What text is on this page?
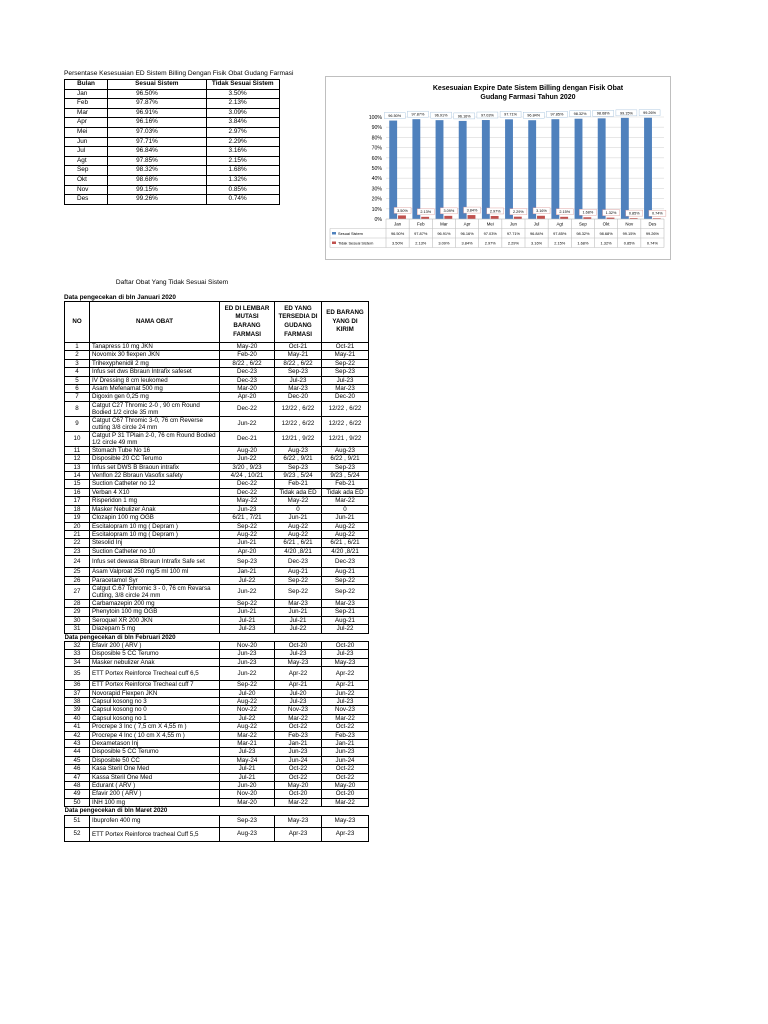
Persentase Kesesuaian ED Sistem Billing Dengan Fisik Obat Gudang Farmasi
Bulan	Sesuai Sistem	Tidak Sesuai Sistem
Jan	96.50%	3.50%
Feb	97.87%	2.13%
Mar	96.91%	3.09%
Apr	96.16%	3.84%
Mei	97.03%	2.97%
Jun	97.71%	2.29%
Jul	96.84%	3.16%
Agt	97.85%	2.15%
Sep	98.32%	1.68%
Okt	98.68%	1.32%
Nov	99.15%	0.85%
Des	99.26%	0.74%
Kesesuaian Expire Date Sistem Billing dengan Fisik Obat
Gudang Farmasi Tahun 2020
0%
10%
20%
30%
40%
50%
60%
70%
80%
90%
100% 96.50%
3.50%
97.87%
2.13%
96.91%
3.09%
96.16%
3.84%
97.03%
2.97%
97.71%
2.29%
96.84%
3.16%
97.85%
2.15%
98.32%
1.68%
98.68%
1.32%
99.15%
0.85%
99.26%
0.74%
Jan
96.50%
3.50%
Feb
97.87%
2.13%
Mar
96.91%
3.09%
Apr
96.16%
3.84%
Mei
97.03%
2.97%
Jun
97.71%
2.29%
Jul
96.84%
3.16%
Agt
97.85%
2.15%
Sep
98.32%
1.68%
Okt
98.68%
1.32%
Nov
99.15%
0.85%
Des
99.26%
0.74%
Sesuai Sistem
Tidak Sesuai Sistem
Daftar Obat Yang Tidak Sesuai Sistem
Data pengecekan di bln Januari 2020
NO	NAMA OBAT	ED DI LEMBAR MUTASI BARANG FARMASI	ED YANG TERSEDIA DI GUDANG FARMASI	ED BARANG YANG DI KIRIM
1	Tanapress 10 mg JKN	May-20	Oct-21	Oct-21
2	Novomix 30 flexpen JKN	Feb-20	May-21	May-21
3	Trihexyphenidil 2 mg	8/22 , 6/22	8/22 , 6/22	Sep-22
4	Infus set dws Bbraun Intrafix safeset	Dec-23	Sep-23	Sep-23
5	IV Dressing 8 cm leukomed	Dec-23	Jul-23	Jul-23
6	Asam Mefenamat 500 mg	Mar-20	Mar-23	Mar-23
7	Digoxin gen 0,25 mg	Apr-20	Dec-20	Dec-20
8	Catgut C27 Thromic 2-0 , 90 cm Round Bodied 1/2 circle 35 mm	Dec-22	12/22 , 6/22	12/22 , 6/22
9	Catgut C67 Thromic 3-0, 76 cm Reverse cutting 3/8 circle 24 mm	Jun-22	12/22 , 6/22	12/22 , 6/22
10	Catgut P 31 TPlain 2-0, 76 cm Round Bodied 1/2 circle 49 mm	Dec-21	12/21 , 9/22	12/21 , 9/22
11	Stomach Tube No 16	Aug-20	Aug-23	Aug-23
12	Disposible 20 CC Terumo	Jun-22	6/22 , 9/21	6/22 , 9/21
13	Infus set DWS B Braoun intrafix	3/20 , 9/23	Sep-23	Sep-23
14	Venflon 22 Bbraun Vasofix safety	4/24 , 10/21	9/23 , 5/24	9/23 , 5/24
15	Suction Catheter no 12	Dec-22	Feb-21	Feb-21
16	Verban 4 X10	Dec-22	Tidak ada ED	Tidak ada ED
17	Risperidon 1 mg	May-22	May-22	Mar-22
18	Masker Nebulizer Anak	Jun-23	0	0
19	Clozapin 100 mg OGB	6/21 , 7/21	Jun-21	Jun-21
20	Escitalopram 10 mg ( Depram )	Sep-22	Aug-22	Aug-22
21	Escitalopram 10 mg ( Depram )	Aug-22	Aug-22	Aug-22
22	Stesolid Inj	Jun-21	6/21 , 6/21	6/21 , 6/21
23	Suction Catheter no 10	Apr-20	4/20 ,8/21	4/20 ,8/21
24	Infus set dewasa Bbraun Intrafix Safe set	Sep-23	Dec-23	Dec-23
25	Asam Valproat 250 mg/5 ml 100 ml	Jan-21	Aug-21	Aug-21
26	Paracetamol Syr	Jul-22	Sep-22	Sep-22
27	Catgut C.67 Tchromic 3 - 0, 76 cm Revarsa Cutting, 3/8 circle 24 mm	Jun-22	Sep-22	Sep-22
28	Carbamazepin 200 mg	Sep-22	Mar-23	Mar-23
29	Phenytoin 100 mg OGB	Jun-21	Jun-21	Sep-21
30	Seroquel XR 200 JKN	Jul-21	Jul-21	Aug-21
31	Diazepam 5 mg	Jul-23	Jul-22	Jul-22
Data pengecekan di bln Februari 2020				
32	Efavir 200 ( ARV )	Nov-20	Oct-20	Oct-20
33	Disposible 5 CC Terumo	Jun-23	Jul-23	Jul-23
34	Masker nebulizer Anak	Jun-23	May-23	May-23
35	ETT Portex Reinforce Trecheal cuff 6,5	Jun-22	Apr-22	Apr-22
36	ETT Portex Reinforce Trecheal cuff 7	Sep-22	Apr-21	Apr-21
37	Novorapid Flexpen JKN	Jul-20	Jul-20	Jun-22
38	Capsul kosong no 3	Aug-22	Jul-23	Jul-23
39	Capsul kosong no 0	Nov-22	Nov-23	Nov-23
40	Capsul kosong no 1	Jul-22	Mar-22	Mar-22
41	Procrepe 3 Inc ( 7,5 cm X 4,55 m )	Aug-22	Oct-22	Oct-22
42	Procrepe 4 Inc ( 10 cm X 4,55 m )	Mar-22	Feb-23	Feb-23
43	Dexametason Inj	Mar-21	Jan-21	Jan-21
44	Disposible 5 CC Terumo	Jul-23	Jun-23	Jun-23
45	Disposible 50 CC	May-24	Jun-24	Jun-24
46	Kasa Steril One Med	Jul-21	Oct-22	Oct-22
47	Kassa Steril One Med	Jul-21	Oct-22	Oct-22
48	Edurant ( ARV )	Jun-20	May-20	May-20
49	Efavir 200 ( ARV )	Nov-20	Oct-20	Oct-20
50	INH 100 mg	Mar-20	Mar-22	Mar-22
Data pengecekan di bln Maret 2020				
51	Ibuprofen 400 mg	Sep-23	May-23	May-23
52	ETT Portex Reinforce tracheal Cuff 5,5	Aug-23	Apr-23	Apr-23
